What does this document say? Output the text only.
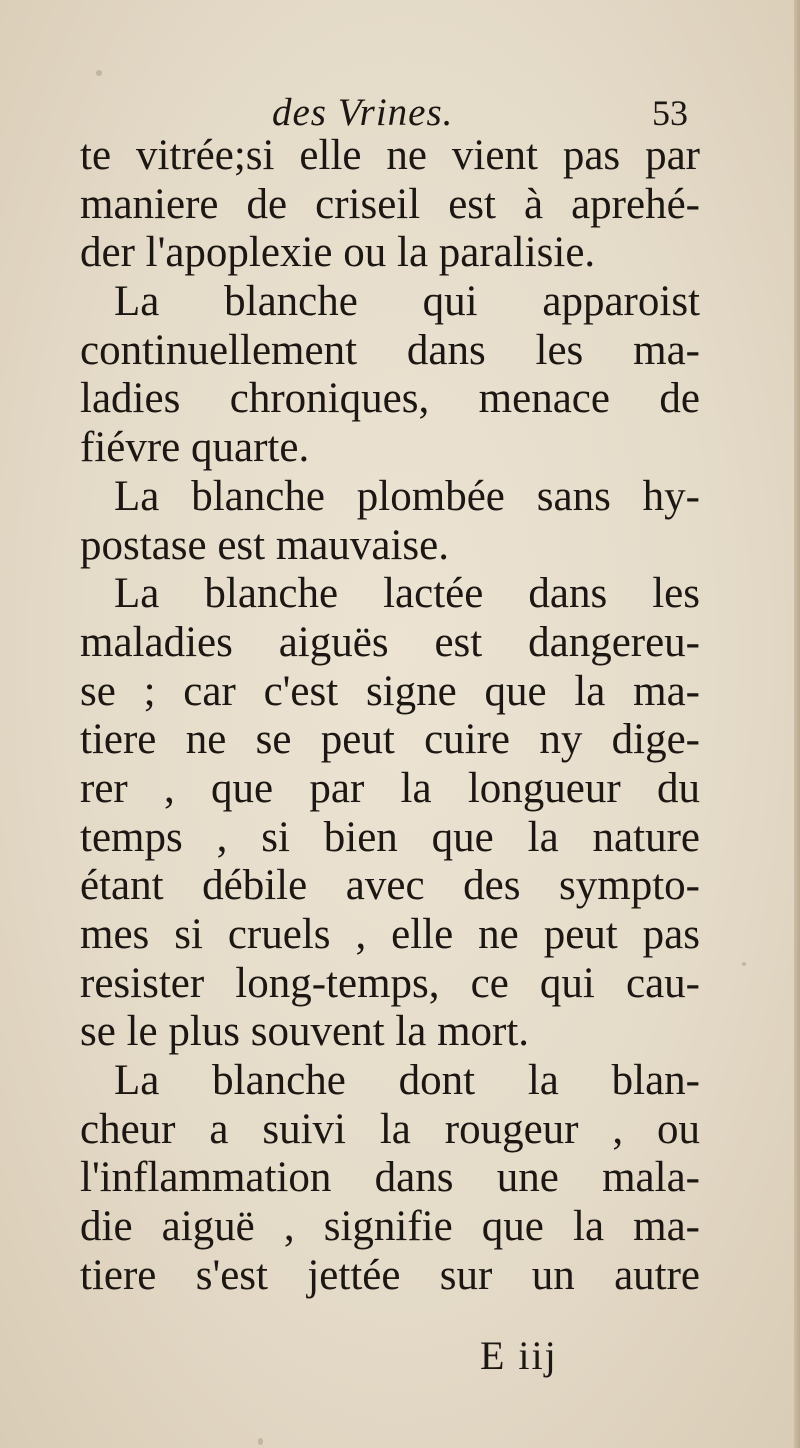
des Vrines.	53
te vitrée;si elle ne vient pas par
maniere de criseil est à aprehé-
der l'apoplexie ou la paralisie.
La blanche qui apparoist
continuellement dans les ma-
ladies chroniques, menace de
fiévre quarte.
La blanche plombée sans hy-
postase est mauvaise.
La blanche lactée dans les
maladies aiguës est dangereu-
se ; car c'est signe que la ma-
tiere ne se peut cuire ny dige-
rer , que par la longueur du
temps , si bien que la nature
étant débile avec des sympto-
mes si cruels , elle ne peut pas
resister long-temps, ce qui cau-
se le plus souvent la mort.
La blanche dont la blan-
cheur a suivi la rougeur , ou
l'inflammation dans une mala-
die aiguë , signifie que la ma-
tiere s'est jettée sur un autre
E iij
